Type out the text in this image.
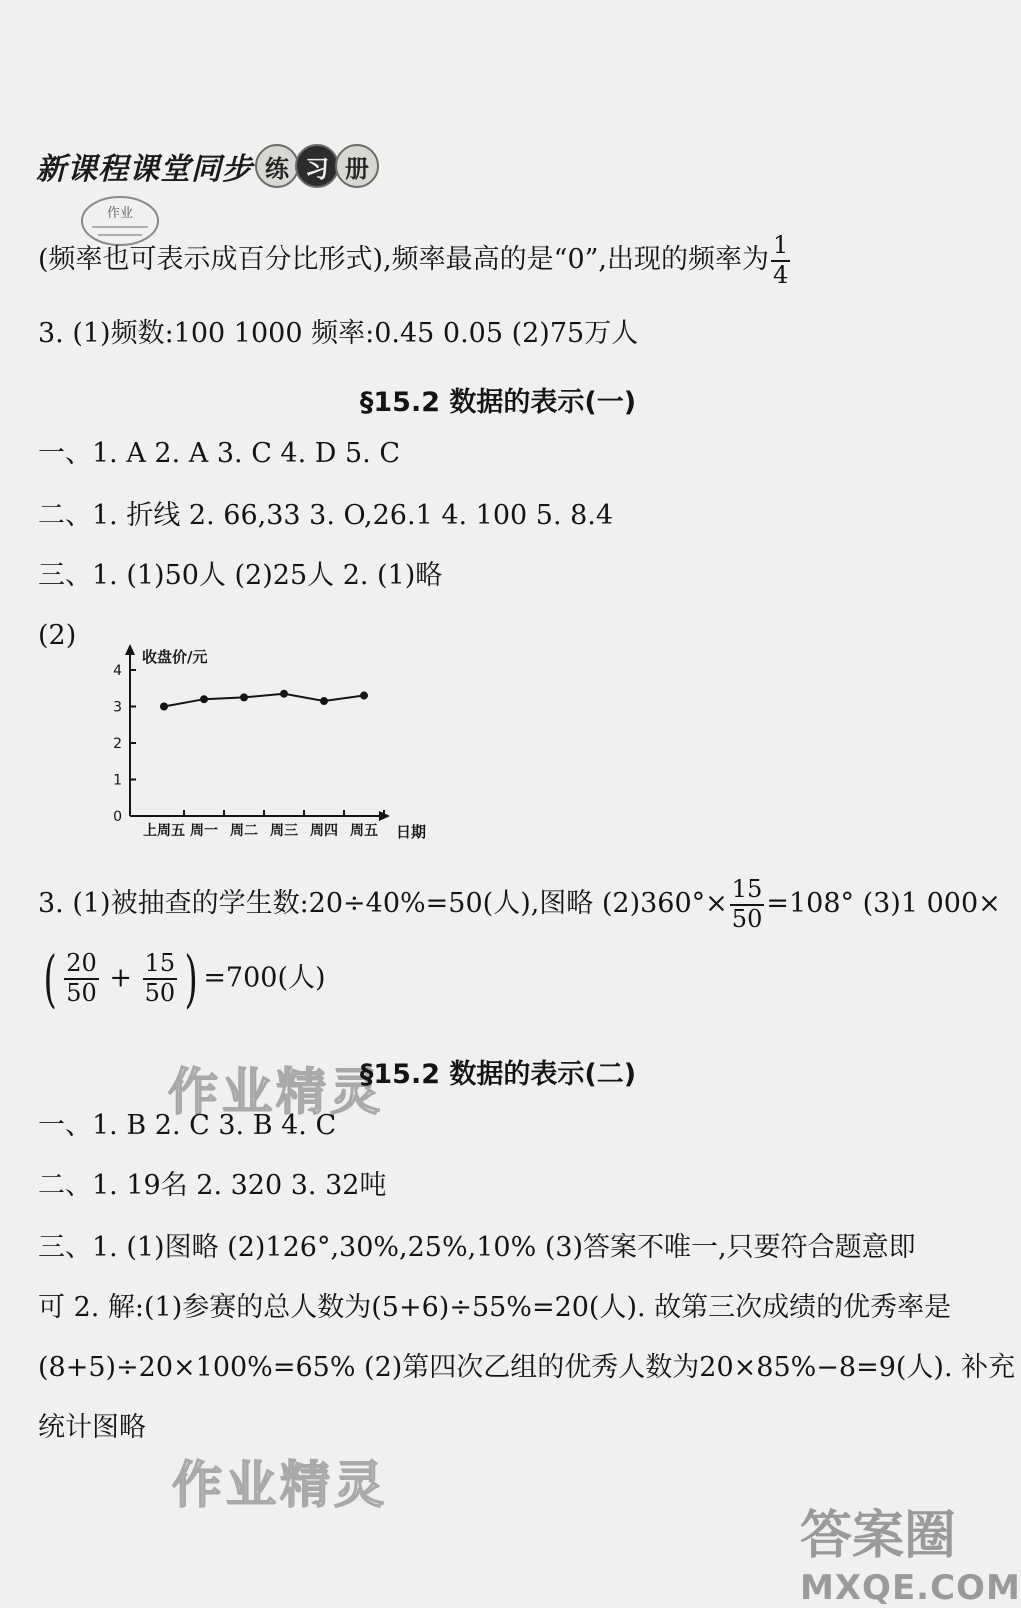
新课程课堂同步 练 习 册
作业
(频率也可表示成百分比形式),频率最高的是“0”,出现的频率为 $\frac{1}{4}$
3. (1)频数:100 1000 频率:0.45 0.05 (2)75万人
§15.2 数据的表示(一)
一、1. A 2. A 3. C 4. D 5. C
二、1. 折线 2. 66,33 3. O,26.1 4. 100 5. 8.4
三、1. (1)50人 (2)25人 2. (1)略
(2)
收盘价/元
日期
0
1
2
3
4
上周五 周一 周二 周三 周四 周五
3. (1)被抽查的学生数:20÷40%=50(人),图略 $(2)360^\circ\times \frac{15}{50} =108^\circ$ (3)1 000×
( $\frac{20}{50} + \frac{15}{50}$ ) =700(人)
作业精灵
§15.2 数据的表示(二)
一、1. B 2. C 3. B 4. C
二、1. 19名 2. 320 3. 32吨
三、1. (1)图略 (2)126°,30%,25%,10% (3)答案不唯一,只要符合题意即
可 2. 解:(1)参赛的总人数为(5+6)÷55%=20(人). 故第三次成绩的优秀率是
(8+5)÷20×100%=65% (2)第四次乙组的优秀人数为20×85%−8=9(人). 补充
统计图略
作业精灵
答案圈
MXQE.COM
